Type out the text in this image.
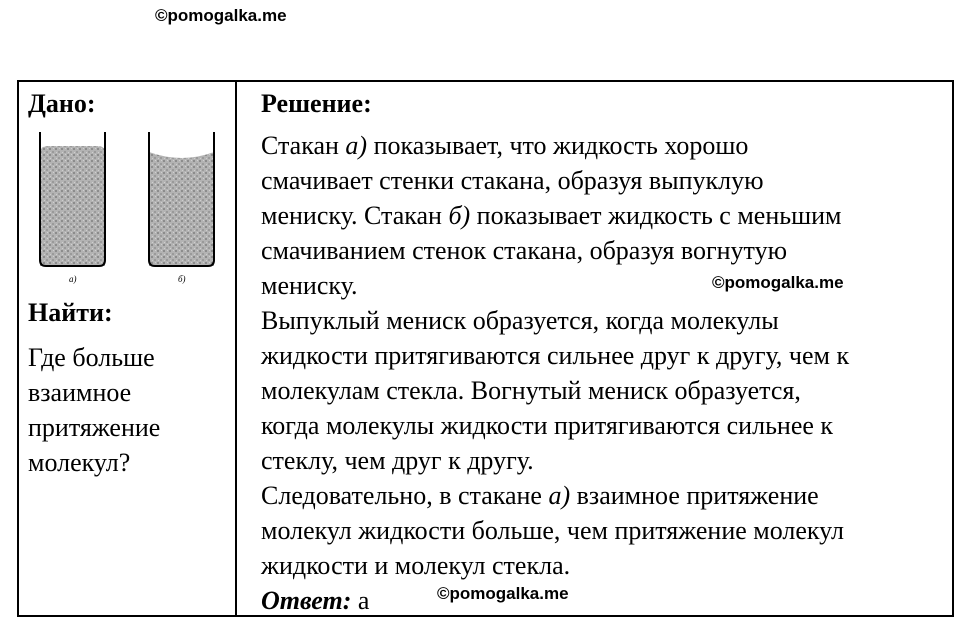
©pomogalka.me
Дано:
а)	б)
Найти:
Где больше
взаимное
притяжение
молекул?
Решение:
Стакан а) показывает, что жидкость хорошо
смачивает стенки стакана, образуя выпуклую
мениску. Стакан б) показывает жидкость с меньшим
смачиванием стенок стакана, образуя вогнутую
мениску.
Выпуклый мениск образуется, когда молекулы
жидкости притягиваются сильнее друг к другу, чем к
молекулам стекла. Вогнутый мениск образуется,
когда молекулы жидкости притягиваются сильнее к
стеклу, чем друг к другу.
Следовательно, в стакане а) взаимное притяжение
молекул жидкости больше, чем притяжение молекул
жидкости и молекул стекла.
Ответ: а
©pomogalka.me
©pomogalka.me
